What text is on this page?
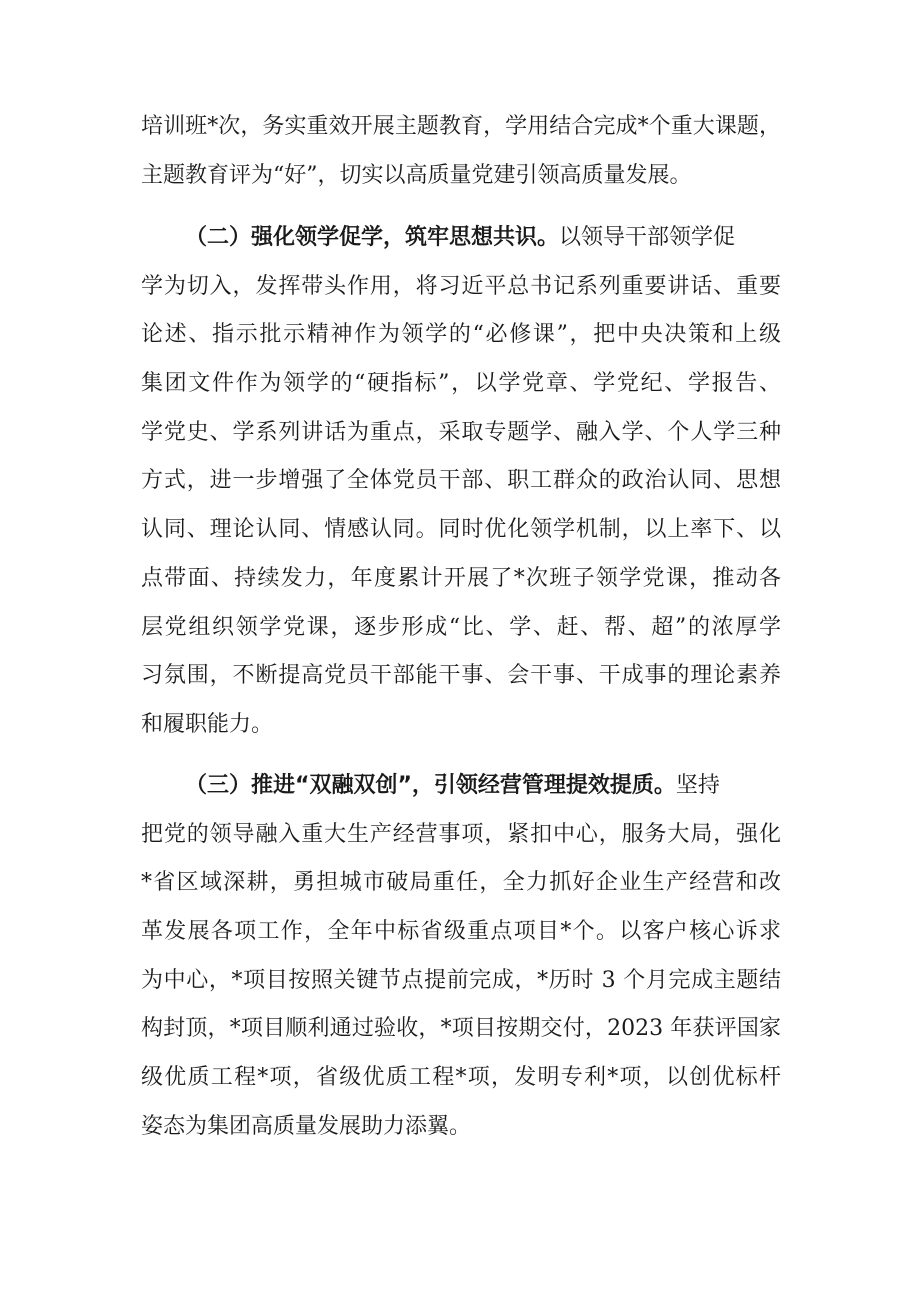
培训班*次，务实重效开展主题教育，学用结合完成*个重大课题，
主题教育评为“好”，切实以高质量党建引领高质量发展。
（二）强化领学促学，筑牢思想共识。以领导干部领学促
学为切入，发挥带头作用，将习近平总书记系列重要讲话、重要
论述、指示批示精神作为领学的“必修课”，把中央决策和上级
集团文件作为领学的“硬指标”，以学党章、学党纪、学报告、
学党史、学系列讲话为重点，采取专题学、融入学、个人学三种
方式，进一步增强了全体党员干部、职工群众的政治认同、思想
认同、理论认同、情感认同。同时优化领学机制，以上率下、以
点带面、持续发力，年度累计开展了*次班子领学党课，推动各
层党组织领学党课，逐步形成“比、学、赶、帮、超”的浓厚学
习氛围，不断提高党员干部能干事、会干事、干成事的理论素养
和履职能力。
（三）推进“双融双创”，引领经营管理提效提质。坚持
把党的领导融入重大生产经营事项，紧扣中心，服务大局，强化
*省区域深耕，勇担城市破局重任，全力抓好企业生产经营和改
革发展各项工作，全年中标省级重点项目*个。以客户核心诉求
为中心，*项目按照关键节点提前完成，*历时 3 个月完成主题结
构封顶，*项目顺利通过验收，*项目按期交付，2023 年获评国家
级优质工程*项，省级优质工程*项，发明专利*项，以创优标杆
姿态为集团高质量发展助力添翼。
